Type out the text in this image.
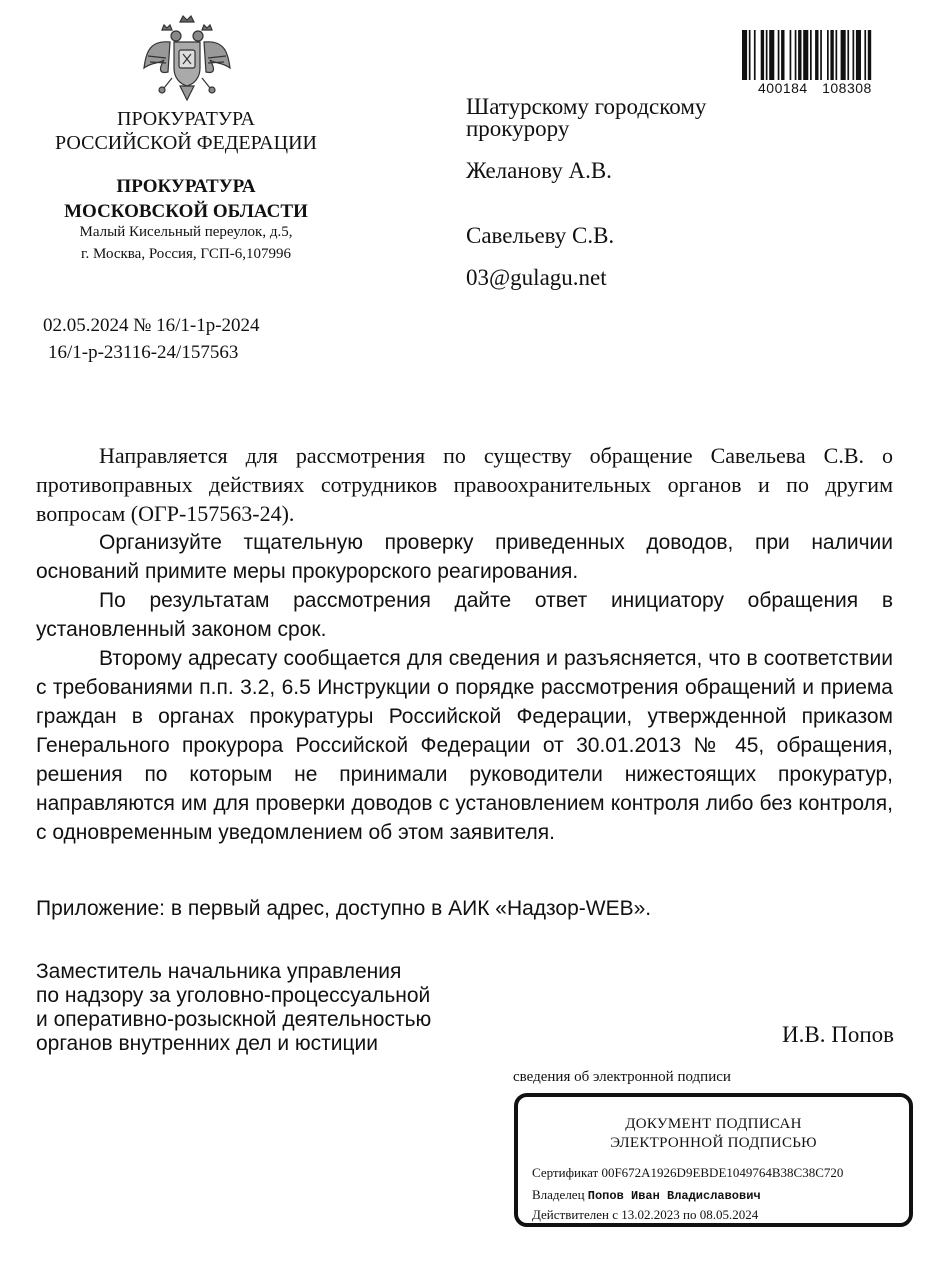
ПРОКУРАТУРА
РОССИЙСКОЙ ФЕДЕРАЦИИ
ПРОКУРАТУРА
МОСКОВСКОЙ ОБЛАСТИ
Малый Кисельный переулок, д.5,
г. Москва, Россия, ГСП-6,107996
02.05.2024 № 16/1-1р-2024
16/1-р-23116-24/157563
400184 108308
Шатурскому городскому
прокурору
Желанову А.В.
Савельеву С.В.
03@gulagu.net

Направляется для рассмотрения по существу обращение Савельева С.В. о противоправных действиях сотрудников правоохранительных органов и по другим вопросам (ОГР-157563-24).

Организуйте тщательную проверку приведенных доводов, при наличии оснований примите меры прокурорского реагирования.

По результатам рассмотрения дайте ответ инициатору обращения в установленный законом срок.

Второму адресату сообщается для сведения и разъясняется, что в соответствии с требованиями п.п. 3.2, 6.5 Инструкции о порядке рассмотрения обращений и приема граждан в органах прокуратуры Российской Федерации, утвержденной приказом Генерального прокурора Российской Федерации от 30.01.2013 № 45, обращения, решения по которым не принимали руководители нижестоящих прокуратур, направляются им для проверки доводов с установлением контроля либо без контроля, с одновременным уведомлением об этом заявителя.

Приложение: в первый адрес, доступно в АИК «Надзор-WEB».
Заместитель начальника управления
по надзору за уголовно-процессуальной
и оперативно-розыскной деятельностью
органов внутренних дел и юстиции	И.В. Попов
сведения об электронной подписи
ДОКУМЕНТ ПОДПИСАН
ЭЛЕКТРОННОЙ ПОДПИСЬЮ
Сертификат 00F672A1926D9EBDE1049764B38C38C720
Владелец Попов Иван Владиславович
Действителен с 13.02.2023 по 08.05.2024
